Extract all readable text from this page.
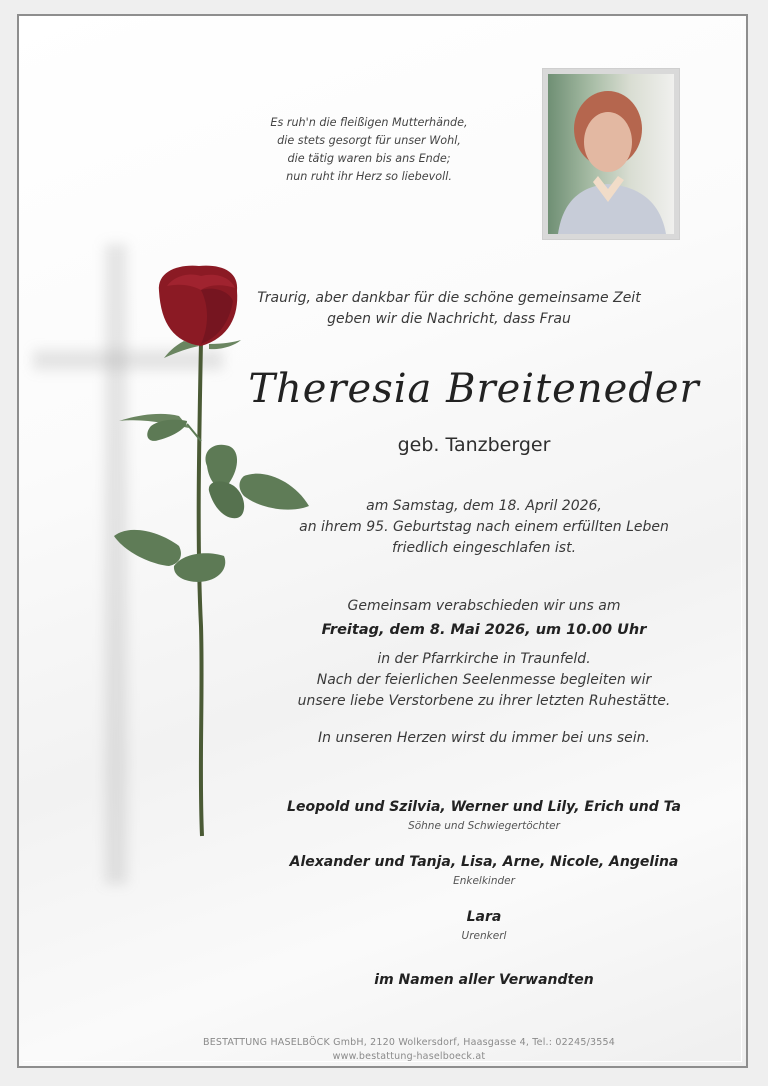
Es ruh'n die fleißigen Mutterhände,
die stets gesorgt für unser Wohl,
die tätig waren bis ans Ende;
nun ruht ihr Herz so liebevoll.
Traurig, aber dankbar für die schöne gemeinsame Zeit
geben wir die Nachricht, dass Frau
Theresia Breiteneder
geb. Tanzberger
am Samstag, dem 18. April 2026,
an ihrem 95. Geburtstag nach einem erfüllten Leben
friedlich eingeschlafen ist.
Gemeinsam verabschieden wir uns am
Freitag, dem 8. Mai 2026, um 10.00 Uhr
in der Pfarrkirche in Traunfeld.
Nach der feierlichen Seelenmesse begleiten wir
unsere liebe Verstorbene zu ihrer letzten Ruhestätte.
In unseren Herzen wirst du immer bei uns sein.
Leopold und Szilvia, Werner und Lily, Erich und Ta
Söhne und Schwiegertöchter
Alexander und Tanja, Lisa, Arne, Nicole, Angelina
Enkelkinder
Lara
Urenkerl
im Namen aller Verwandten
BESTATTUNG HASELBÖCK GmbH, 2120 Wolkersdorf, Haasgasse 4, Tel.: 02245/3554
www.bestattung-haselboeck.at
